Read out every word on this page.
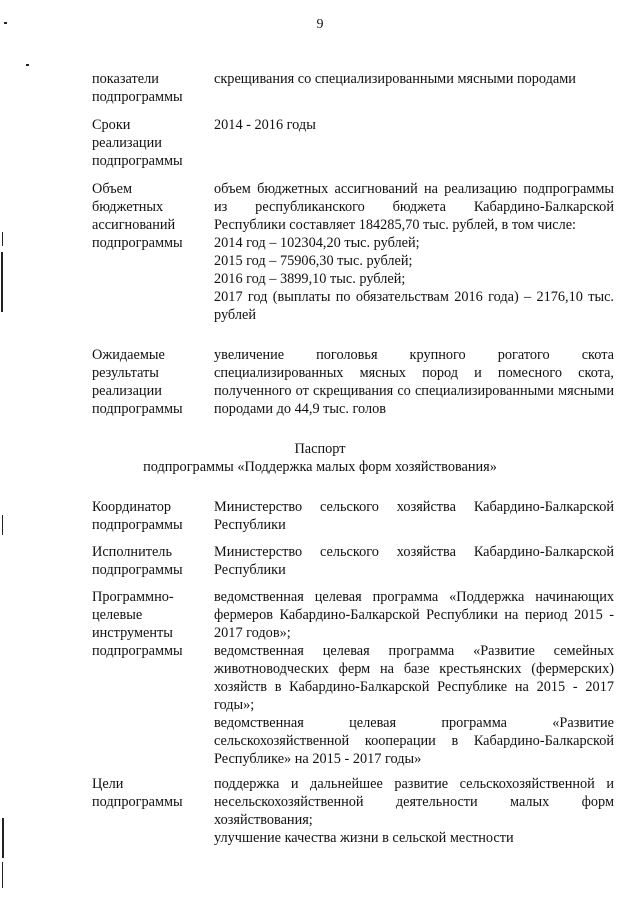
9
показатели
подпрограммы
скрещивания со специализированными мясными породами
Сроки
реализации
подпрограммы
2014 - 2016 годы
Объем
бюджетных
ассигнований
подпрограммы
объем бюджетных ассигнований на реализацию подпрограммы из республиканского бюджета Кабардино-Балкарской Республики составляет 184285,70 тыс. рублей, в том числе:
2014 год – 102304,20 тыс. рублей;
2015 год – 75906,30 тыс. рублей;
2016 год – 3899,10 тыс. рублей;
2017 год (выплаты по обязательствам 2016 года) – 2176,10 тыс. рублей
Ожидаемые
результаты
реализации
подпрограммы
увеличение поголовья крупного рогатого скота специализированных мясных пород и помесного скота, полученного от скрещивания со специализированными мясными породами до 44,9 тыс. голов
Паспорт
подпрограммы «Поддержка малых форм хозяйствования»
Координатор
подпрограммы
Министерство сельского хозяйства Кабардино-Балкарской Республики
Исполнитель
подпрограммы
Министерство сельского хозяйства Кабардино-Балкарской Республики
Программно-
целевые
инструменты
подпрограммы
ведомственная целевая программа «Поддержка начинающих фермеров Кабардино-Балкарской Республики на период 2015 - 2017 годов»;
ведомственная целевая программа «Развитие семейных животноводческих ферм на базе крестьянских (фермерских) хозяйств в Кабардино-Балкарской Республике на 2015 - 2017 годы»;
ведомственная целевая программа «Развитие сельскохозяйственной кооперации в Кабардино-Балкарской Республике» на 2015 - 2017 годы»
Цели
подпрограммы
поддержка и дальнейшее развитие сельскохозяйственной и несельскохозяйственной деятельности малых форм хозяйствования;
улучшение качества жизни в сельской местности
